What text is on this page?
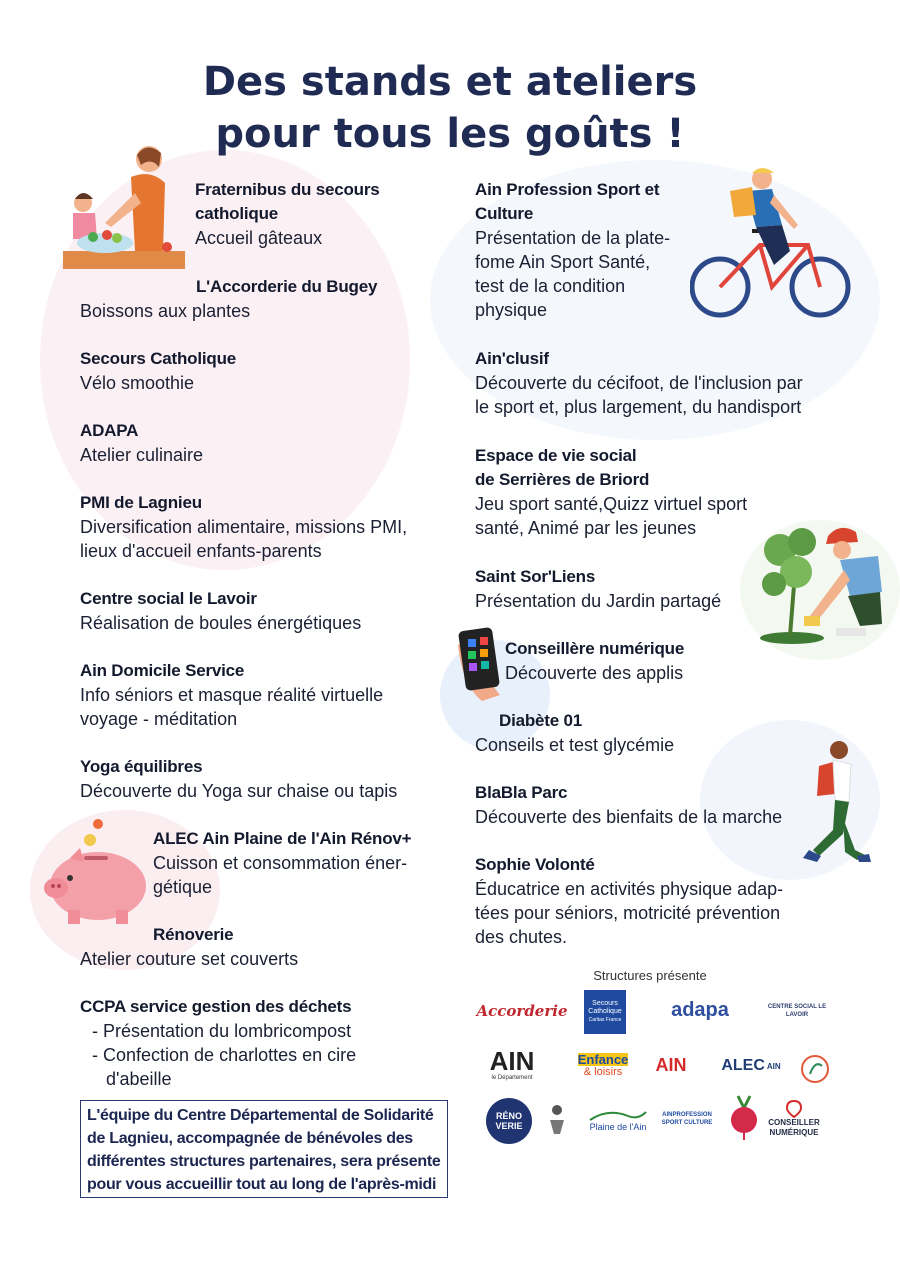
Des stands et ateliers
pour tous les goûts !
Fraternibus du secours
catholique
Accueil gâteaux
L'Accorderie du Bugey
Boissons aux plantes
Secours Catholique
Vélo smoothie
ADAPA
Atelier culinaire
PMI de Lagnieu
Diversification alimentaire, missions PMI,
lieux d'accueil enfants-parents
Centre social le Lavoir
Réalisation de boules énergétiques
Ain Domicile Service
Info séniors et masque réalité virtuelle
voyage - méditation
Yoga équilibres
Découverte du Yoga sur chaise ou tapis
ALEC Ain Plaine de l'Ain Rénov+
Cuisson et consommation éner-
gétique
Rénoverie
Atelier couture set couverts
CCPA service gestion des déchets
- Présentation du lombricompost
- Confection de charlottes en cire
d'abeille
L'équipe du Centre Départemental de Solidarité
de Lagnieu, accompagnée de bénévoles des
différentes structures partenaires, sera présente
pour vous accueillir tout au long de l'après-midi
Ain Profession Sport et
Culture
Présentation de la plate-
fome Ain Sport Santé,
test de la condition
physique
Ain'clusif
Découverte du cécifoot, de l'inclusion par
le sport et, plus largement, du handisport
Espace de vie social
de Serrières de Briord
Jeu sport santé,Quizz virtuel sport
santé, Animé par les jeunes
Saint Sor'Liens
Présentation du Jardin partagé
Conseillère numérique
Découverte des applis
Diabète 01
Conseils et test glycémie
BlaBla Parc
Découverte des bienfaits de la marche
Sophie Volonté
Éducatrice en activités physique adap-
tées pour séniors, motricité prévention
des chutes.
Structures présente
Accorderie	Secours
Catholique
Caritas France	adapa	CENTRE SOCIAL LE LAVOIR
AIN
le Département
Enfance
& loisirs	AIN	ALEC AIN
RÉNO
VERIE	Plaine de l'Ain
AINPROFESSION SPORT CULTURE	CONSEILLER
NUMÉRIQUE
